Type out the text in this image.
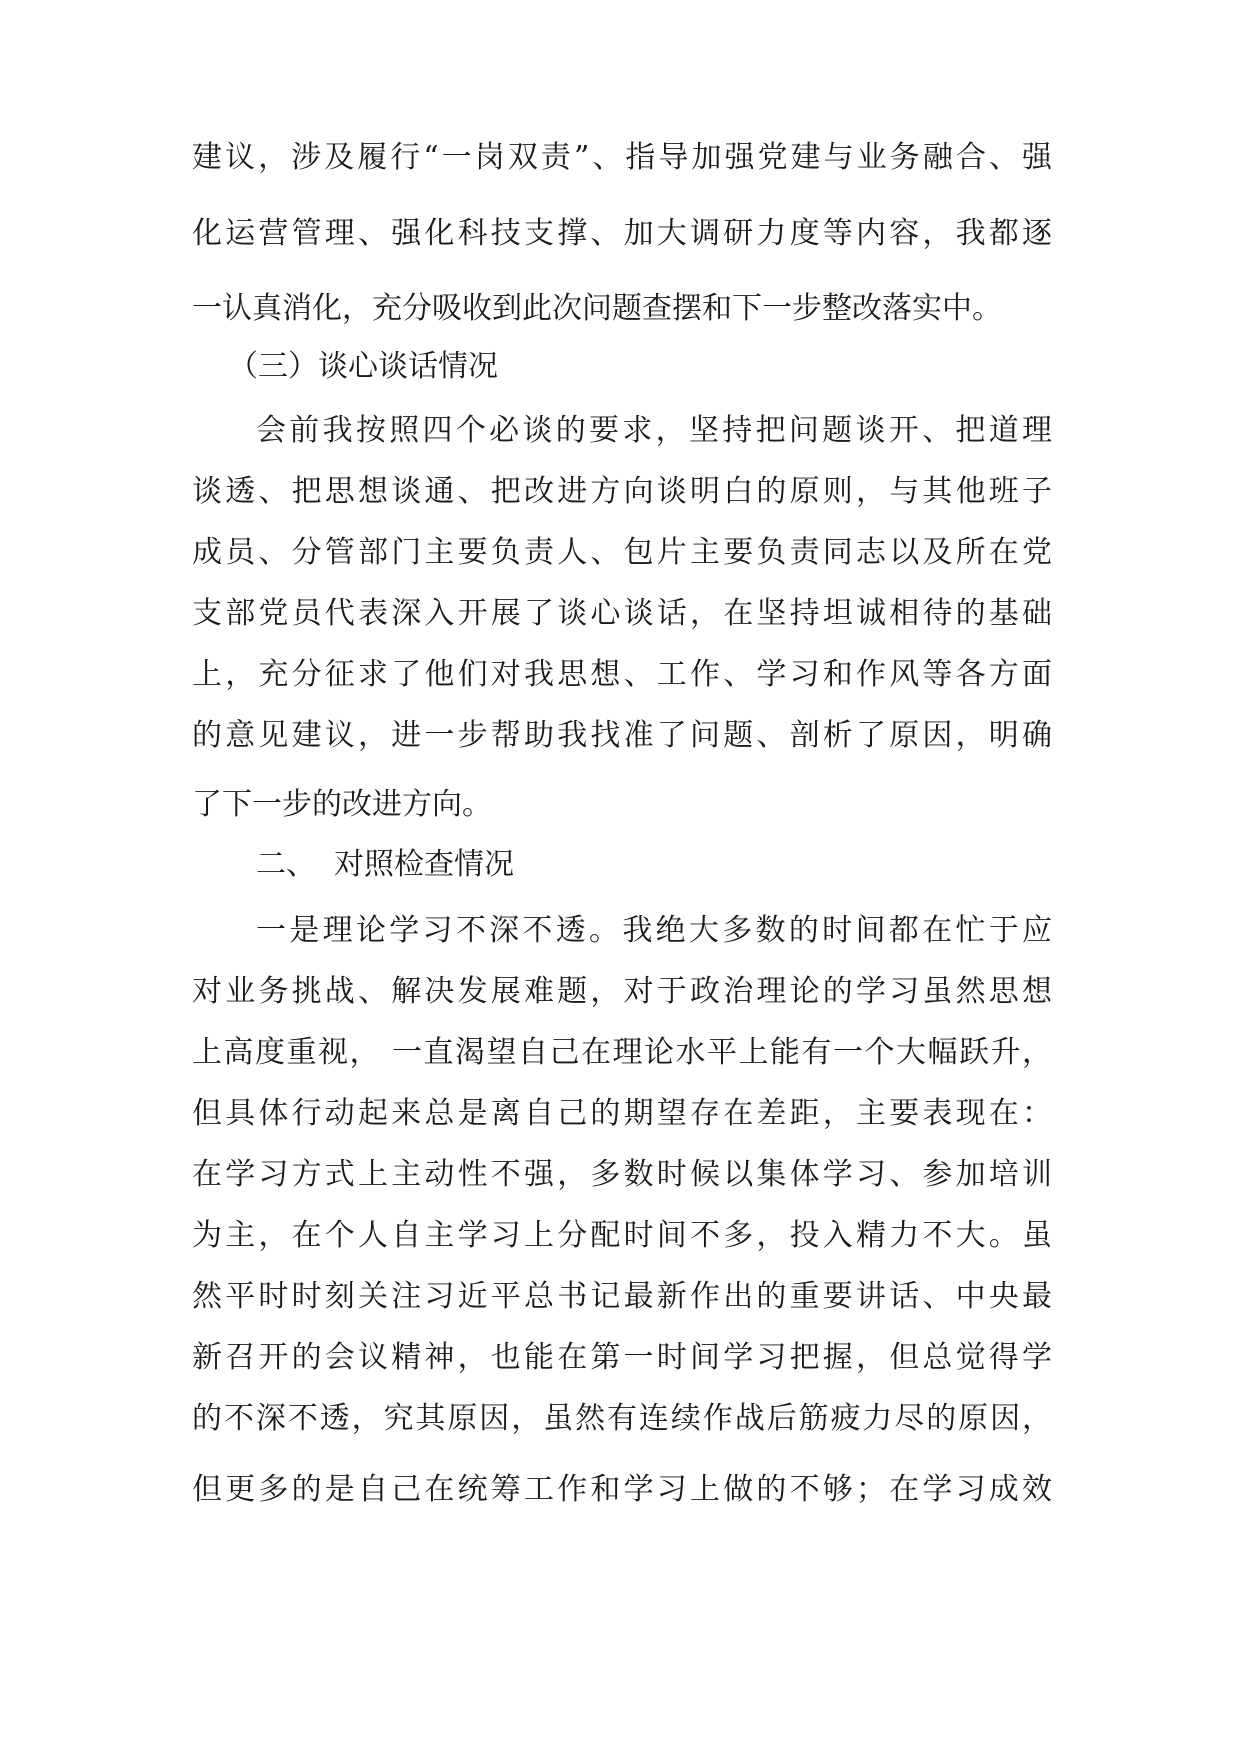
建议，涉及履行“一岗双责”、指导加强党建与业务融合、强
化运营管理、强化科技支撑、加大调研力度等内容，我都逐
一认真消化，充分吸收到此次问题查摆和下一步整改落实中。
（三）谈心谈话情况
会前我按照四个必谈的要求，坚持把问题谈开、把道理
谈透、把思想谈通、把改进方向谈明白的原则，与其他班子
成员、分管部门主要负责人、包片主要负责同志以及所在党
支部党员代表深入开展了谈心谈话，在坚持坦诚相待的基础
上，充分征求了他们对我思想、工作、学习和作风等各方面
的意见建议，进一步帮助我找准了问题、剖析了原因，明确
了下一步的改进方向。
二、 对照检查情况
一是理论学习不深不透。我绝大多数的时间都在忙于应
对业务挑战、解决发展难题，对于政治理论的学习虽然思想
上高度重视， 一直渴望自己在理论水平上能有一个大幅跃升，
但具体行动起来总是离自己的期望存在差距，主要表现在：
在学习方式上主动性不强，多数时候以集体学习、参加培训
为主，在个人自主学习上分配时间不多，投入精力不大。虽
然平时时刻关注习近平总书记最新作出的重要讲话、中央最
新召开的会议精神，也能在第一时间学习把握，但总觉得学
的不深不透，究其原因，虽然有连续作战后筋疲力尽的原因，
但更多的是自己在统筹工作和学习上做的不够；在学习成效
